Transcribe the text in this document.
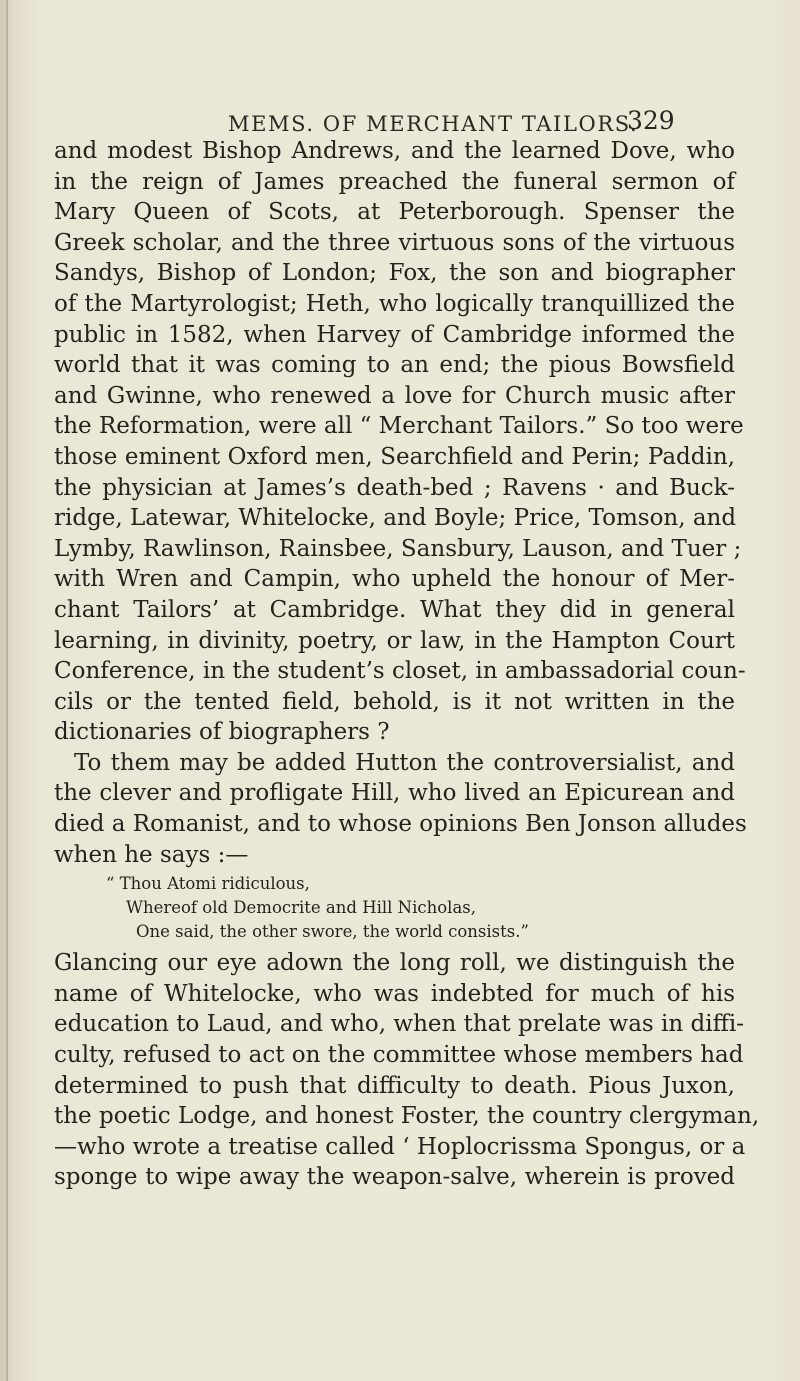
MEMS. OF MERCHANT TAILORS.
329
and modest Bishop Andrews, and the learned Dove, who
in the reign of James preached the funeral sermon of
Mary Queen of Scots, at Peterborough. Spenser the
Greek scholar, and the three virtuous sons of the virtuous
Sandys, Bishop of London; Fox, the son and biographer
of the Martyrologist; Heth, who logically tranquillized the
public in 1582, when Harvey of Cambridge informed the
world that it was coming to an end; the pious Bowsfield
and Gwinne, who renewed a love for Church music after
the Reformation, were all “ Merchant Tailors.” So too were
those eminent Oxford men, Searchfield and Perin; Paddin,
the physician at James’s death-bed ; Ravens · and Buck-
ridge, Latewar, Whitelocke, and Boyle; Price, Tomson, and
Lymby, Rawlinson, Rainsbee, Sansbury, Lauson, and Tuer ;
with Wren and Campin, who upheld the honour of Mer-
chant Tailors’ at Cambridge. What they did in general
learning, in divinity, poetry, or law, in the Hampton Court
Conference, in the student’s closet, in ambassadorial coun-
cils or the tented field, behold, is it not written in the
dictionaries of biographers ?
To them may be added Hutton the controversialist, and
the clever and profligate Hill, who lived an Epicurean and
died a Romanist, and to whose opinions Ben Jonson alludes
when he says :—
“ Thou Atomi ridiculous,
Whereof old Democrite and Hill Nicholas,
One said, the other swore, the world consists.”
Glancing our eye adown the long roll, we distinguish the
name of Whitelocke, who was indebted for much of his
education to Laud, and who, when that prelate was in diffi-
culty, refused to act on the committee whose members had
determined to push that difficulty to death. Pious Juxon,
the poetic Lodge, and honest Foster, the country clergyman,
—who wrote a treatise called ‘ Hoplocrissma Spongus, or a
sponge to wipe away the weapon-salve, wherein is proved
